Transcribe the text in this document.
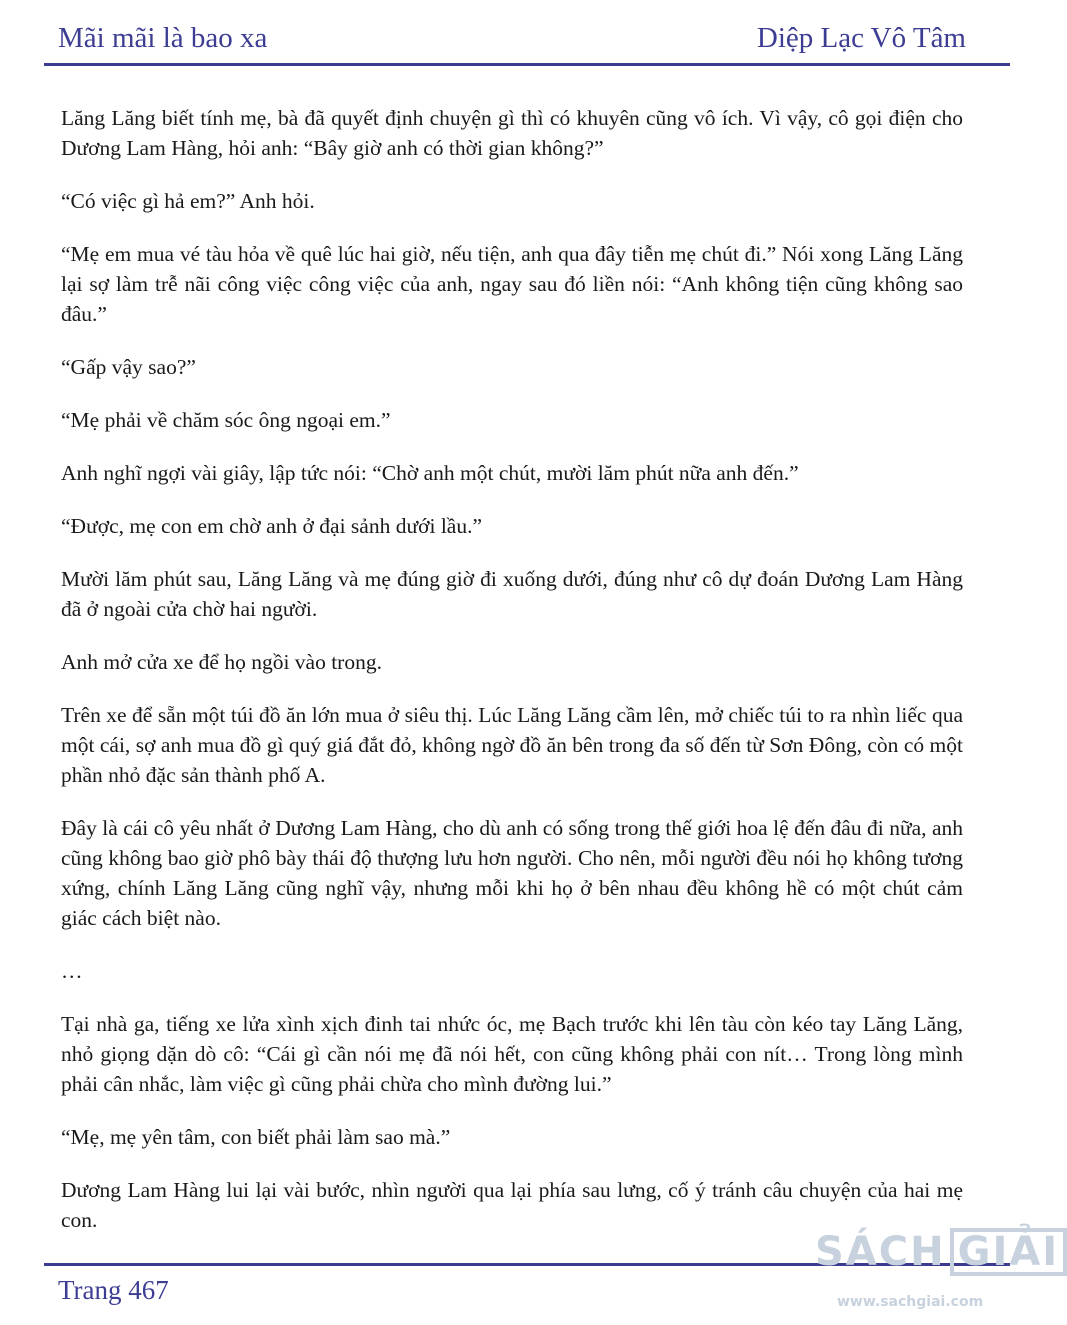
Mãi mãi là bao xa	Diệp Lạc Vô Tâm

Lăng Lăng biết tính mẹ, bà đã quyết định chuyện gì thì có khuyên cũng vô ích. Vì vậy, cô gọi điện cho Dương Lam Hàng, hỏi anh: “Bây giờ anh có thời gian không?”

“Có việc gì hả em?” Anh hỏi.

“Mẹ em mua vé tàu hỏa về quê lúc hai giờ, nếu tiện, anh qua đây tiễn mẹ chút đi.” Nói xong Lăng Lăng lại sợ làm trễ nãi công việc công việc của anh, ngay sau đó liền nói: “Anh không tiện cũng không sao đâu.”

“Gấp vậy sao?”

“Mẹ phải về chăm sóc ông ngoại em.”

Anh nghĩ ngợi vài giây, lập tức nói: “Chờ anh một chút, mười lăm phút nữa anh đến.”

“Được, mẹ con em chờ anh ở đại sảnh dưới lầu.”

Mười lăm phút sau, Lăng Lăng và mẹ đúng giờ đi xuống dưới, đúng như cô dự đoán Dương Lam Hàng đã ở ngoài cửa chờ hai người.

Anh mở cửa xe để họ ngồi vào trong.

Trên xe để sẵn một túi đồ ăn lớn mua ở siêu thị. Lúc Lăng Lăng cầm lên, mở chiếc túi to ra nhìn liếc qua một cái, sợ anh mua đồ gì quý giá đắt đỏ, không ngờ đồ ăn bên trong đa số đến từ Sơn Đông, còn có một phần nhỏ đặc sản thành phố A.

Đây là cái cô yêu nhất ở Dương Lam Hàng, cho dù anh có sống trong thế giới hoa lệ đến đâu đi nữa, anh cũng không bao giờ phô bày thái độ thượng lưu hơn người. Cho nên, mỗi người đều nói họ không tương xứng, chính Lăng Lăng cũng nghĩ vậy, nhưng mỗi khi họ ở bên nhau đều không hề có một chút cảm giác cách biệt nào.

…

Tại nhà ga, tiếng xe lửa xình xịch đinh tai nhức óc, mẹ Bạch trước khi lên tàu còn kéo tay Lăng Lăng, nhỏ giọng dặn dò cô: “Cái gì cần nói mẹ đã nói hết, con cũng không phải con nít… Trong lòng mình phải cân nhắc, làm việc gì cũng phải chừa cho mình đường lui.”

“Mẹ, mẹ yên tâm, con biết phải làm sao mà.”

Dương Lam Hàng lui lại vài bước, nhìn người qua lại phía sau lưng, cố ý tránh câu chuyện của hai mẹ con.

Trang 467
SÁCH GIẢI
www.sachgiai.com
